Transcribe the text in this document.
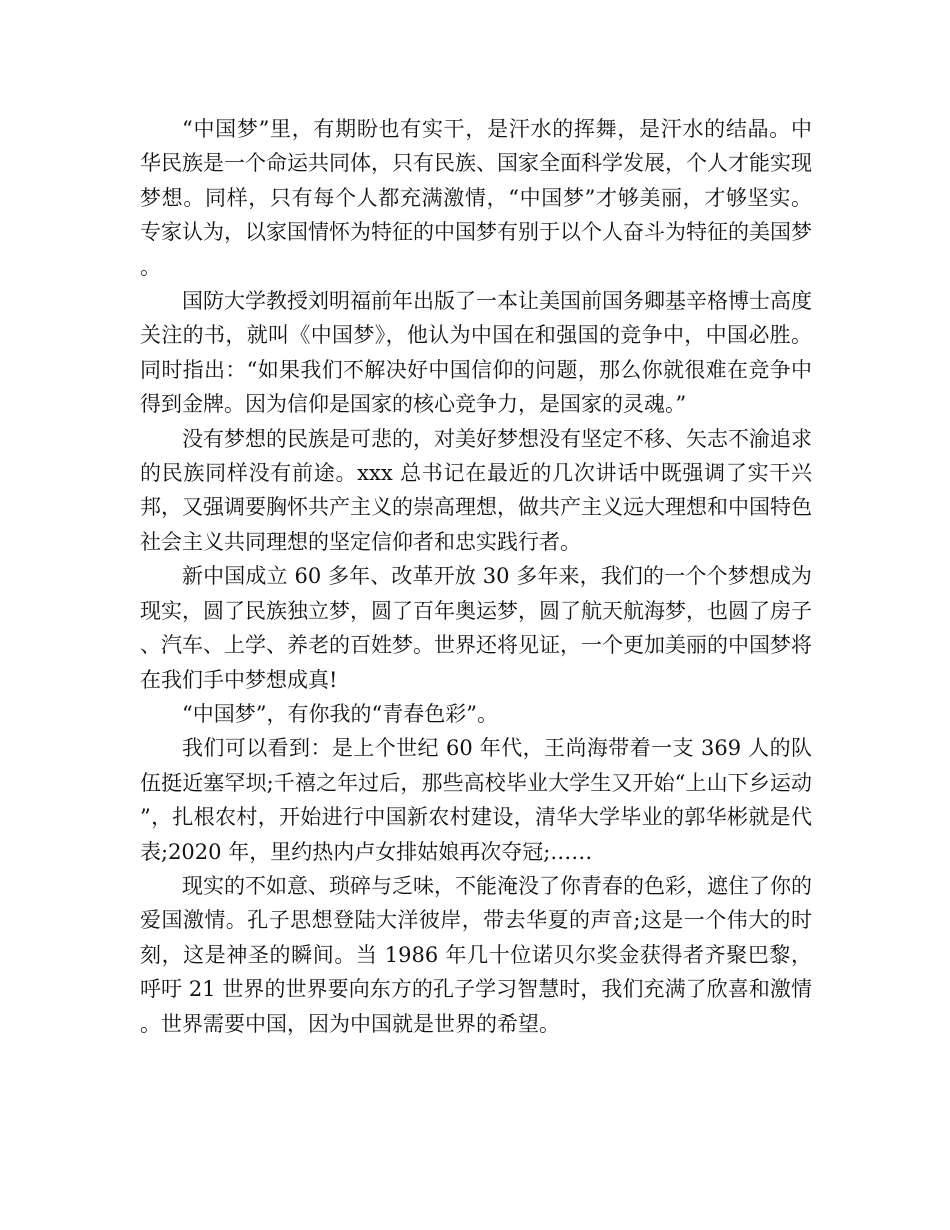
“中国梦”里，有期盼也有实干，是汗水的挥舞，是汗水的结晶。中华民族是一个命运共同体，只有民族、国家全面科学发展，个人才能实现梦想。同样，只有每个人都充满激情，“中国梦”才够美丽，才够坚实。专家认为，以家国情怀为特征的中国梦有别于以个人奋斗为特征的美国梦。

国防大学教授刘明福前年出版了一本让美国前国务卿基辛格博士高度关注的书，就叫《中国梦》，他认为中国在和强国的竞争中，中国必胜。同时指出：“如果我们不解决好中国信仰的问题，那么你就很难在竞争中得到金牌。因为信仰是国家的核心竞争力，是国家的灵魂。”

没有梦想的民族是可悲的，对美好梦想没有坚定不移、矢志不渝追求的民族同样没有前途。xxx 总书记在最近的几次讲话中既强调了实干兴邦，又强调要胸怀共产主义的崇高理想，做共产主义远大理想和中国特色社会主义共同理想的坚定信仰者和忠实践行者。

新中国成立 60 多年、改革开放 30 多年来，我们的一个个梦想成为现实，圆了民族独立梦，圆了百年奥运梦，圆了航天航海梦，也圆了房子、汽车、上学、养老的百姓梦。世界还将见证，一个更加美丽的中国梦将在我们手中梦想成真!

“中国梦”，有你我的“青春色彩”。

我们可以看到：是上个世纪 60 年代，王尚海带着一支 369 人的队伍挺近塞罕坝;千禧之年过后，那些高校毕业大学生又开始“上山下乡运动”，扎根农村，开始进行中国新农村建设，清华大学毕业的郭华彬就是代表;2020 年，里约热内卢女排姑娘再次夺冠;……

现实的不如意、琐碎与乏味，不能淹没了你青春的色彩，遮住了你的爱国激情。孔子思想登陆大洋彼岸，带去华夏的声音;这是一个伟大的时刻，这是神圣的瞬间。当 1986 年几十位诺贝尔奖金获得者齐聚巴黎，呼吁 21 世界的世界要向东方的孔子学习智慧时，我们充满了欣喜和激情。世界需要中国，因为中国就是世界的希望。
